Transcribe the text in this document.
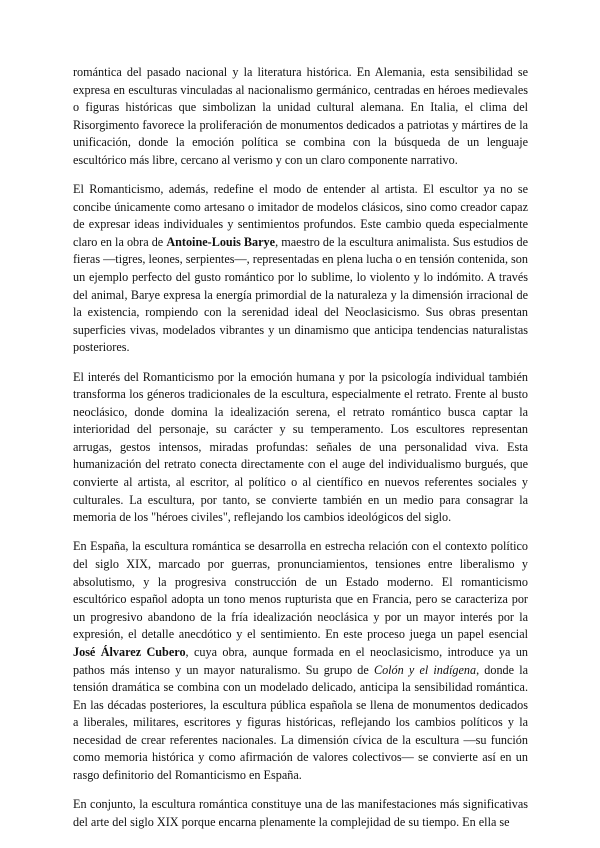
romántica del pasado nacional y la literatura histórica. En Alemania, esta sensibilidad se expresa en esculturas vinculadas al nacionalismo germánico, centradas en héroes medievales o figuras históricas que simbolizan la unidad cultural alemana. En Italia, el clima del Risorgimento favorece la proliferación de monumentos dedicados a patriotas y mártires de la unificación, donde la emoción política se combina con la búsqueda de un lenguaje escultórico más libre, cercano al verismo y con un claro componente narrativo.

El Romanticismo, además, redefine el modo de entender al artista. El escultor ya no se concibe únicamente como artesano o imitador de modelos clásicos, sino como creador capaz de expresar ideas individuales y sentimientos profundos. Este cambio queda especialmente claro en la obra de Antoine-Louis Barye, maestro de la escultura animalista. Sus estudios de fieras —tigres, leones, serpientes—, representadas en plena lucha o en tensión contenida, son un ejemplo perfecto del gusto romántico por lo sublime, lo violento y lo indómito. A través del animal, Barye expresa la energía primordial de la naturaleza y la dimensión irracional de la existencia, rompiendo con la serenidad ideal del Neoclasicismo. Sus obras presentan superficies vivas, modelados vibrantes y un dinamismo que anticipa tendencias naturalistas posteriores.

El interés del Romanticismo por la emoción humana y por la psicología individual también transforma los géneros tradicionales de la escultura, especialmente el retrato. Frente al busto neoclásico, donde domina la idealización serena, el retrato romántico busca captar la interioridad del personaje, su carácter y su temperamento. Los escultores representan arrugas, gestos intensos, miradas profundas: señales de una personalidad viva. Esta humanización del retrato conecta directamente con el auge del individualismo burgués, que convierte al artista, al escritor, al político o al científico en nuevos referentes sociales y culturales. La escultura, por tanto, se convierte también en un medio para consagrar la memoria de los "héroes civiles", reflejando los cambios ideológicos del siglo.

En España, la escultura romántica se desarrolla en estrecha relación con el contexto político del siglo XIX, marcado por guerras, pronunciamientos, tensiones entre liberalismo y absolutismo, y la progresiva construcción de un Estado moderno. El romanticismo escultórico español adopta un tono menos rupturista que en Francia, pero se caracteriza por un progresivo abandono de la fría idealización neoclásica y por un mayor interés por la expresión, el detalle anecdótico y el sentimiento. En este proceso juega un papel esencial José Álvarez Cubero, cuya obra, aunque formada en el neoclasicismo, introduce ya un pathos más intenso y un mayor naturalismo. Su grupo de Colón y el indígena, donde la tensión dramática se combina con un modelado delicado, anticipa la sensibilidad romántica. En las décadas posteriores, la escultura pública española se llena de monumentos dedicados a liberales, militares, escritores y figuras históricas, reflejando los cambios políticos y la necesidad de crear referentes nacionales. La dimensión cívica de la escultura —su función como memoria histórica y como afirmación de valores colectivos— se convierte así en un rasgo definitorio del Romanticismo en España.

En conjunto, la escultura romántica constituye una de las manifestaciones más significativas del arte del siglo XIX porque encarna plenamente la complejidad de su tiempo. En ella se
